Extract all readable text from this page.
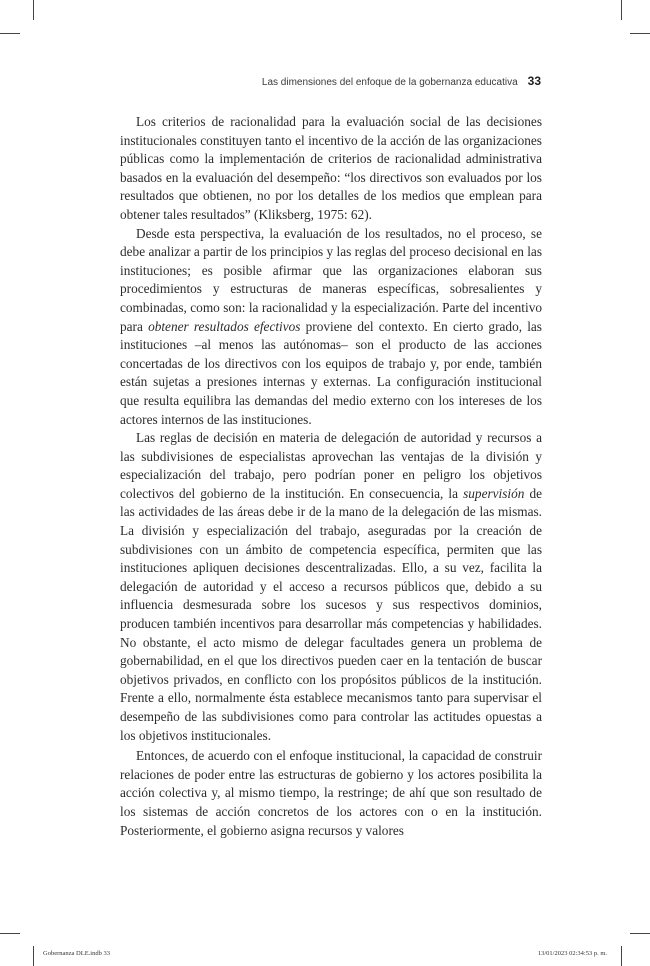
Las dimensiones del enfoque de la gobernanza educativa 33

Los criterios de racionalidad para la evaluación social de las decisiones institucionales constituyen tanto el incentivo de la acción de las organizaciones públicas como la implementación de criterios de racionalidad administrativa basados en la evaluación del desempeño: “los directivos son evaluados por los resultados que obtienen, no por los detalles de los medios que emplean para obtener tales resultados” (Kliksberg, 1975: 62).

Desde esta perspectiva, la evaluación de los resultados, no el proceso, se debe analizar a partir de los principios y las reglas del proceso decisional en las instituciones; es posible afirmar que las organizaciones elaboran sus procedimientos y estructuras de maneras específicas, sobresalientes y combinadas, como son: la racionalidad y la especialización. Parte del incentivo para obtener resultados efectivos proviene del contexto. En cierto grado, las instituciones –al menos las autónomas– son el producto de las acciones concertadas de los directivos con los equipos de trabajo y, por ende, también están sujetas a presiones internas y externas. La configuración institucional que resulta equilibra las demandas del medio externo con los intereses de los actores internos de las instituciones.

Las reglas de decisión en materia de delegación de autoridad y recursos a las subdivisiones de especialistas aprovechan las ventajas de la división y especialización del trabajo, pero podrían poner en peligro los objetivos colectivos del gobierno de la institución. En consecuencia, la supervisión de las actividades de las áreas debe ir de la mano de la delegación de las mismas. La división y especialización del trabajo, aseguradas por la creación de subdivisiones con un ámbito de competencia específica, permiten que las instituciones apliquen decisiones descentralizadas. Ello, a su vez, facilita la delegación de autoridad y el acceso a recursos públicos que, debido a su influencia desmesurada sobre los sucesos y sus respectivos dominios, producen también incentivos para desarrollar más competencias y habilidades. No obstante, el acto mismo de delegar facultades genera un problema de gobernabilidad, en el que los directivos pueden caer en la tentación de buscar objetivos privados, en conflicto con los propósitos públicos de la institución. Frente a ello, normalmente ésta establece mecanismos tanto para supervisar el desempeño de las subdivisiones como para controlar las actitudes opuestas a los objetivos institucionales.

Entonces, de acuerdo con el enfoque institucional, la capacidad de construir relaciones de poder entre las estructuras de gobierno y los actores posibilita la acción colectiva y, al mismo tiempo, la restringe; de ahí que son resultado de los sistemas de acción concretos de los actores con o en la institución. Posteriormente, el gobierno asigna recursos y valores

Gobernanza DLE.indb 33	13/01/2023 02:34:53 p. m.
